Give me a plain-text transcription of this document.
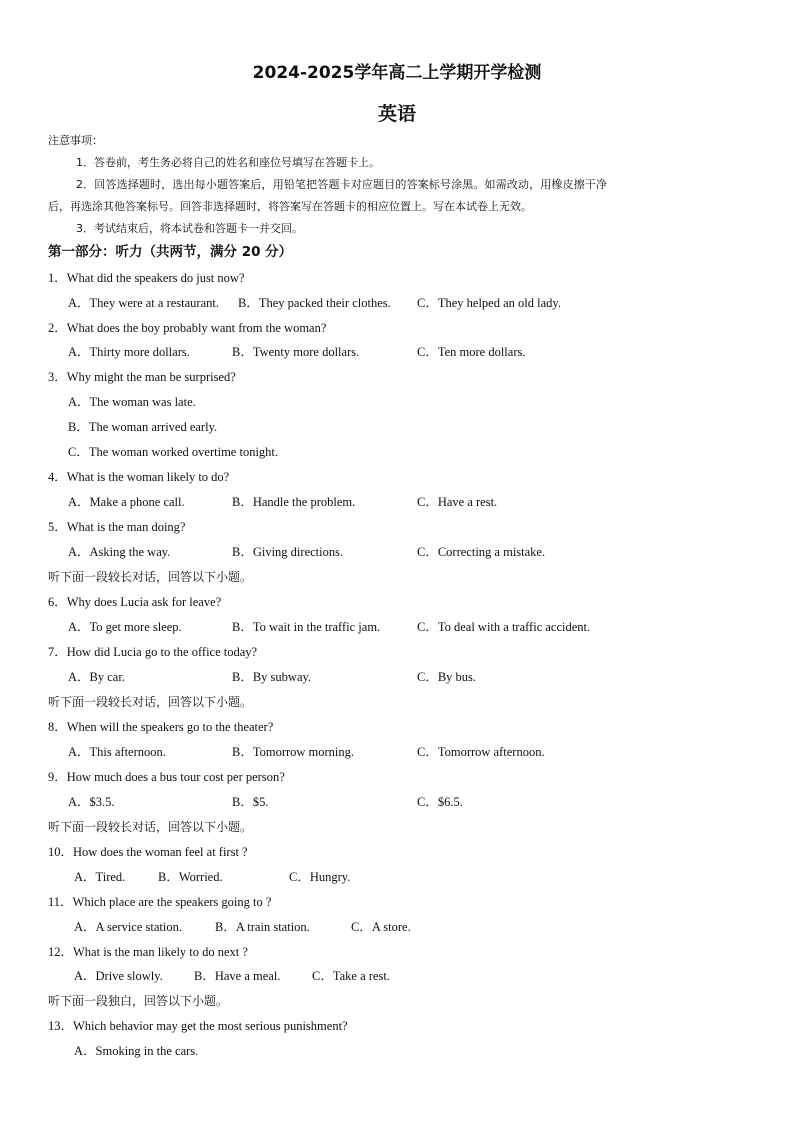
2024-2025学年高二上学期开学检测
英语
注意事项：
1．答卷前，考生务必将自己的姓名和座位号填写在答题卡上。
2．回答选择题时，选出每小题答案后，用铅笔把答题卡对应题目的答案标号涂黑。如需改动，用橡皮擦干净
后，再选涂其他答案标号。回答非选择题时，将答案写在答题卡的相应位置上。写在本试卷上无效。
3．考试结束后，将本试卷和答题卡一并交回。
第一部分：听力（共两节，满分 20 分）
1．What did the speakers do just now?
A．They were at a restaurant. B．They packed their clothes. C．They helped an old lady.
2．What does the boy probably want from the woman?
A．Thirty more dollars.	B．Twenty more dollars.	C．Ten more dollars.
3．Why might the man be surprised?
A．The woman was late.
B．The woman arrived early.
C．The woman worked overtime tonight.
4．What is the woman likely to do?
A．Make a phone call.	B．Handle the problem.	C．Have a rest.
5．What is the man doing?
A．Asking the way.	B．Giving directions.	C．Correcting a mistake.
听下面一段较长对话，回答以下小题。
6．Why does Lucia ask for leave?
A．To get more sleep.	B．To wait in the traffic jam.	C．To deal with a traffic accident.
7．How did Lucia go to the office today?
A．By car.	B．By subway.	C．By bus.
听下面一段较长对话，回答以下小题。
8．When will the speakers go to the theater?
A．This afternoon.	B．Tomorrow morning.	C．Tomorrow afternoon.
9．How much does a bus tour cost per person?
A．$3.5.	B．$5.	C．$6.5.
听下面一段较长对话，回答以下小题。
10．How does the woman feel at first ?
A．Tired.	B．Worried.	C．Hungry.
11．Which place are the speakers going to ?
A．A service station.	B．A train station.	C．A store.
12．What is the man likely to do next ?
A．Drive slowly. B．Have a meal.	C．Take a rest.
听下面一段独白，回答以下小题。
13．Which behavior may get the most serious punishment?
A．Smoking in the cars.
